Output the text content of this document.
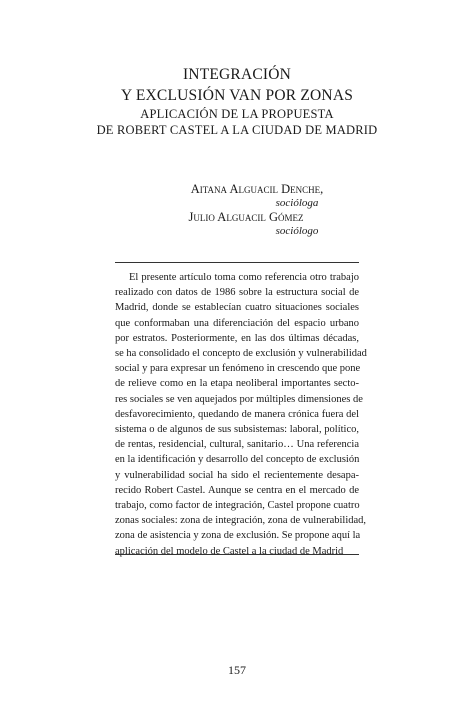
INTEGRACIÓN
Y EXCLUSIÓN VAN POR ZONAS
APLICACIÓN DE LA PROPUESTA
DE ROBERT CASTEL A LA CIUDAD DE MADRID
Aitana Alguacil Denche,
socióloga
Julio Alguacil Gómez
sociólogo
El presente artículo toma como referencia otro trabajo
realizado con datos de 1986 sobre la estructura social de
Madrid, donde se establecían cuatro situaciones sociales
que conformaban una diferenciación del espacio urbano
por estratos. Posteriormente, en las dos últimas décadas,
se ha consolidado el concepto de exclusión y vulnerabilidad
social y para expresar un fenómeno in crescendo que pone
de relieve como en la etapa neoliberal importantes secto-
res sociales se ven aquejados por múltiples dimensiones de
desfavorecimiento, quedando de manera crónica fuera del
sistema o de algunos de sus subsistemas: laboral, político,
de rentas, residencial, cultural, sanitario… Una referencia
en la identificación y desarrollo del concepto de exclusión
y vulnerabilidad social ha sido el recientemente desapa-
recido Robert Castel. Aunque se centra en el mercado de
trabajo, como factor de integración, Castel propone cuatro
zonas sociales: zona de integración, zona de vulnerabilidad,
zona de asistencia y zona de exclusión. Se propone aquí la
aplicación del modelo de Castel a la ciudad de Madrid
157
